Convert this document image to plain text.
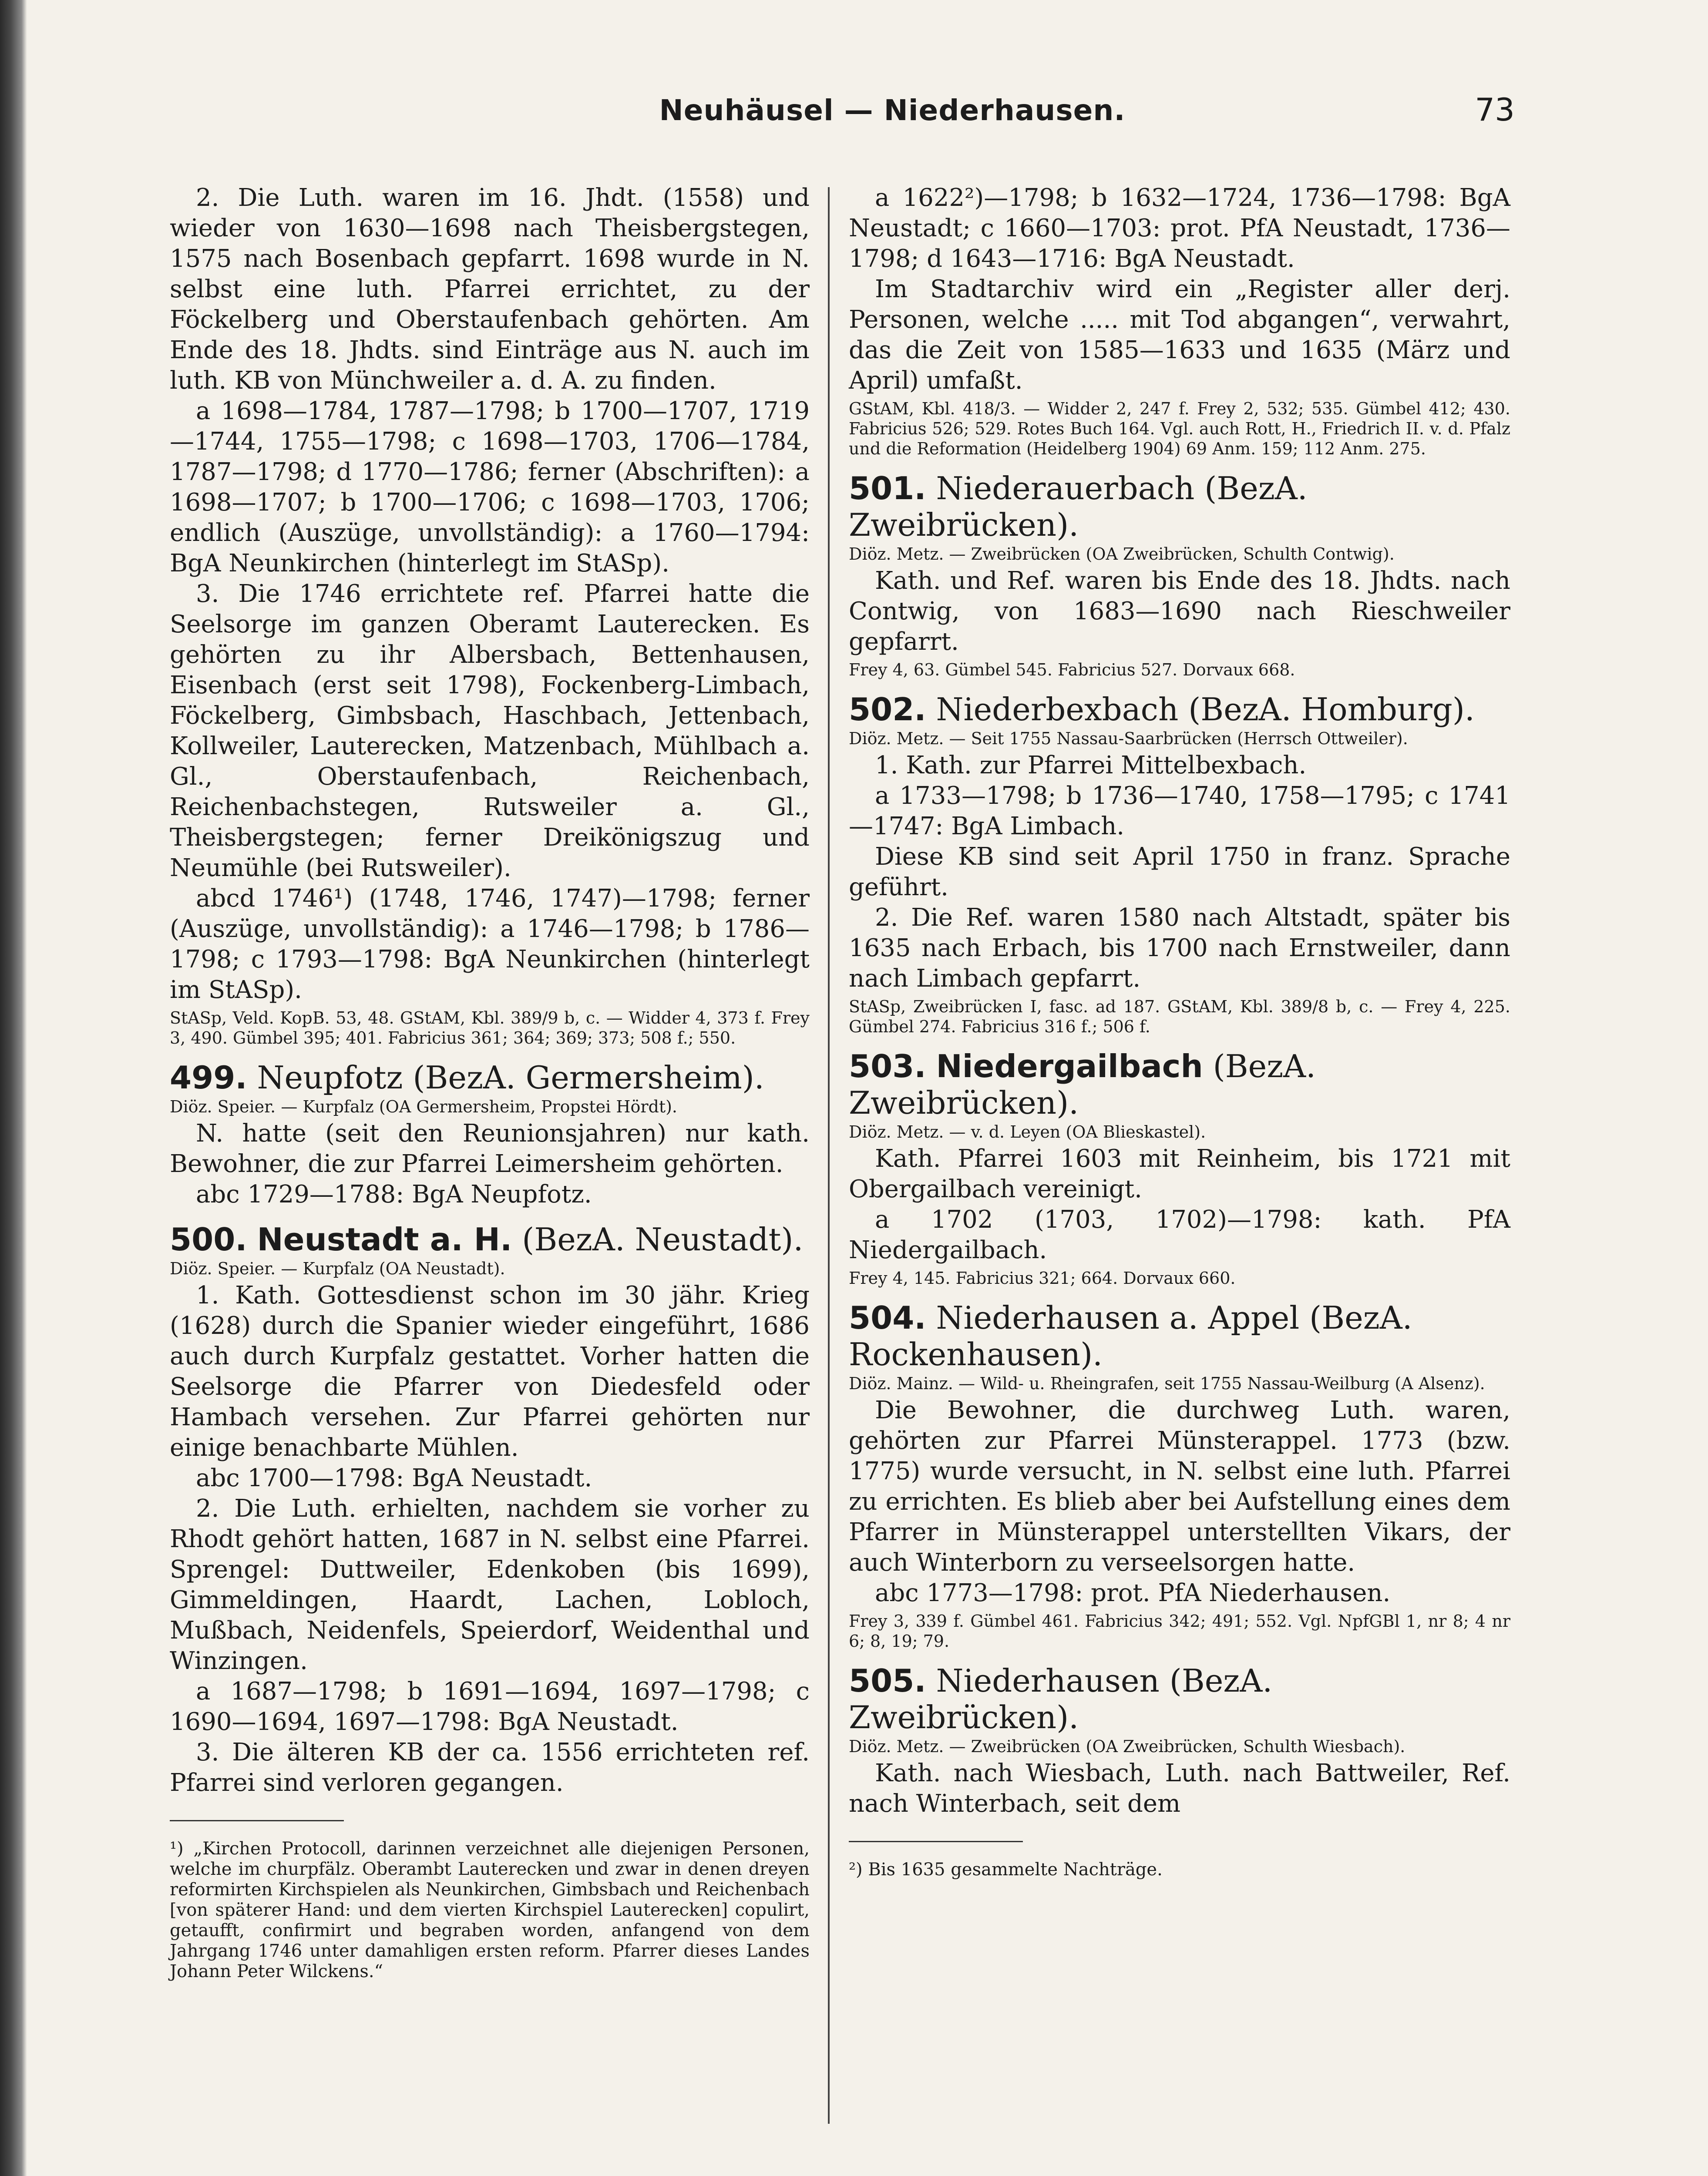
Neuhäusel — Niederhausen.	73

2. Die Luth. waren im 16. Jhdt. (1558) und wieder von 1630—1698 nach Theisbergstegen, 1575 nach Bosenbach gepfarrt. 1698 wurde in N. selbst eine luth. Pfarrei errichtet, zu der Föckelberg und Oberstaufenbach gehörten. Am Ende des 18. Jhdts. sind Einträge aus N. auch im luth. KB von Münchweiler a. d. A. zu finden.

a 1698—1784, 1787—1798; b 1700—1707, 1719—1744, 1755—1798; c 1698—1703, 1706—1784, 1787—1798; d 1770—1786; ferner (Abschriften): a 1698—1707; b 1700—1706; c 1698—1703, 1706; endlich (Auszüge, unvollständig): a 1760—1794: BgA Neunkirchen (hinterlegt im StASp).

3. Die 1746 errichtete ref. Pfarrei hatte die Seelsorge im ganzen Oberamt Lauterecken. Es gehörten zu ihr Albersbach, Bettenhausen, Eisenbach (erst seit 1798), Fockenberg-Limbach, Föckelberg, Gimbsbach, Haschbach, Jettenbach, Kollweiler, Lauterecken, Matzenbach, Mühlbach a. Gl., Oberstaufenbach, Reichenbach, Reichenbachstegen, Rutsweiler a. Gl., Theisbergstegen; ferner Dreikönigszug und Neumühle (bei Rutsweiler).

abcd 1746¹) (1748, 1746, 1747)—1798; ferner (Auszüge, unvollständig): a 1746—1798; b 1786—1798; c 1793—1798: BgA Neunkirchen (hinterlegt im StASp).

StASp, Veld. KopB. 53, 48. GStAM, Kbl. 389/9 b, c. — Widder 4, 373 f. Frey 3, 490. Gümbel 395; 401. Fabricius 361; 364; 369; 373; 508 f.; 550.

499. Neupfotz (BezA. Germersheim).

Diöz. Speier. — Kurpfalz (OA Germersheim, Propstei Hördt).

N. hatte (seit den Reunionsjahren) nur kath. Bewohner, die zur Pfarrei Leimersheim gehörten.

abc 1729—1788: BgA Neupfotz.

500. Neustadt a. H. (BezA. Neustadt).

Diöz. Speier. — Kurpfalz (OA Neustadt).

1. Kath. Gottesdienst schon im 30 jähr. Krieg (1628) durch die Spanier wieder eingeführt, 1686 auch durch Kurpfalz gestattet. Vorher hatten die Seelsorge die Pfarrer von Diedesfeld oder Hambach versehen. Zur Pfarrei gehörten nur einige benachbarte Mühlen.

abc 1700—1798: BgA Neustadt.

2. Die Luth. erhielten, nachdem sie vorher zu Rhodt gehört hatten, 1687 in N. selbst eine Pfarrei. Sprengel: Duttweiler, Edenkoben (bis 1699), Gimmeldingen, Haardt, Lachen, Lobloch, Mußbach, Neidenfels, Speierdorf, Weidenthal und Winzingen.

a 1687—1798; b 1691—1694, 1697—1798; c 1690—1694, 1697—1798: BgA Neustadt.

3. Die älteren KB der ca. 1556 errichteten ref. Pfarrei sind verloren gegangen.

¹) „Kirchen Protocoll, darinnen verzeichnet alle diejenigen Personen, welche im churpfälz. Oberambt Lauterecken und zwar in denen dreyen reformirten Kirchspielen als Neunkirchen, Gimbsbach und Reichenbach [von späterer Hand: und dem vierten Kirchspiel Lauterecken] copulirt, getaufft, confirmirt und begraben worden, anfangend von dem Jahrgang 1746 unter damahligen ersten reform. Pfarrer dieses Landes Johann Peter Wilckens.“

a 1622²)—1798; b 1632—1724, 1736—1798: BgA Neustadt; c 1660—1703: prot. PfA Neustadt, 1736—1798; d 1643—1716: BgA Neustadt.

Im Stadtarchiv wird ein „Register aller derj. Personen, welche ..... mit Tod abgangen“, verwahrt, das die Zeit von 1585—1633 und 1635 (März und April) umfaßt.

GStAM, Kbl. 418/3. — Widder 2, 247 f. Frey 2, 532; 535. Gümbel 412; 430. Fabricius 526; 529. Rotes Buch 164. Vgl. auch Rott, H., Friedrich II. v. d. Pfalz und die Reformation (Heidelberg 1904) 69 Anm. 159; 112 Anm. 275.

501. Niederauerbach (BezA. Zweibrücken).

Diöz. Metz. — Zweibrücken (OA Zweibrücken, Schulth Contwig).

Kath. und Ref. waren bis Ende des 18. Jhdts. nach Contwig, von 1683—1690 nach Rieschweiler gepfarrt.

Frey 4, 63. Gümbel 545. Fabricius 527. Dorvaux 668.

502. Niederbexbach (BezA. Homburg).

Diöz. Metz. — Seit 1755 Nassau-Saarbrücken (Herrsch Ottweiler).

1. Kath. zur Pfarrei Mittelbexbach.

a 1733—1798; b 1736—1740, 1758—1795; c 1741—1747: BgA Limbach.

Diese KB sind seit April 1750 in franz. Sprache geführt.

2. Die Ref. waren 1580 nach Altstadt, später bis 1635 nach Erbach, bis 1700 nach Ernstweiler, dann nach Limbach gepfarrt.

StASp, Zweibrücken I, fasc. ad 187. GStAM, Kbl. 389/8 b, c. — Frey 4, 225. Gümbel 274. Fabricius 316 f.; 506 f.

503. Niedergailbach (BezA. Zweibrücken).

Diöz. Metz. — v. d. Leyen (OA Blieskastel).

Kath. Pfarrei 1603 mit Reinheim, bis 1721 mit Obergailbach vereinigt.

a 1702 (1703, 1702)—1798: kath. PfA Niedergailbach.

Frey 4, 145. Fabricius 321; 664. Dorvaux 660.

504. Niederhausen a. Appel (BezA. Rockenhausen).

Diöz. Mainz. — Wild- u. Rheingrafen, seit 1755 Nassau-Weilburg (A Alsenz).

Die Bewohner, die durchweg Luth. waren, gehörten zur Pfarrei Münsterappel. 1773 (bzw. 1775) wurde versucht, in N. selbst eine luth. Pfarrei zu errichten. Es blieb aber bei Aufstellung eines dem Pfarrer in Münsterappel unterstellten Vikars, der auch Winterborn zu verseelsorgen hatte.

abc 1773—1798: prot. PfA Niederhausen.

Frey 3, 339 f. Gümbel 461. Fabricius 342; 491; 552. Vgl. NpfGBl 1, nr 8; 4 nr 6; 8, 19; 79.

505. Niederhausen (BezA. Zweibrücken).

Diöz. Metz. — Zweibrücken (OA Zweibrücken, Schulth Wiesbach).

Kath. nach Wiesbach, Luth. nach Battweiler, Ref. nach Winterbach, seit dem

²) Bis 1635 gesammelte Nachträge.
